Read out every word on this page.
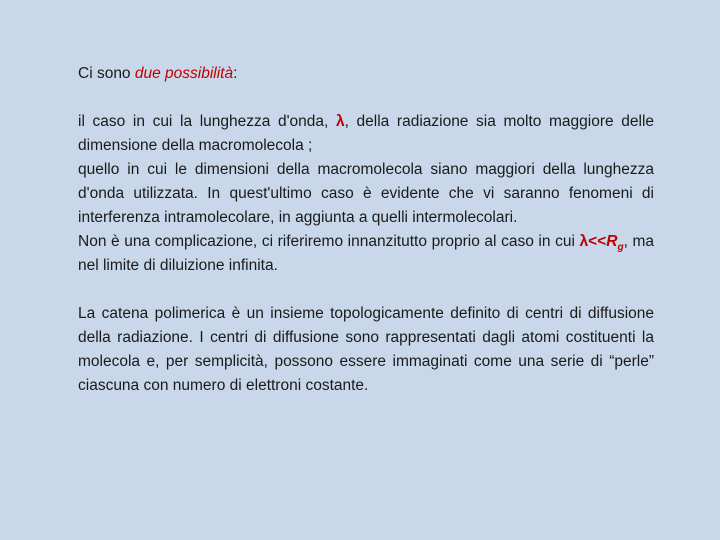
Ci sono due possibilità:

il caso in cui la lunghezza d'onda, λ, della radiazione sia molto maggiore delle dimensione della macromolecola ;

quello in cui le dimensioni della macromolecola siano maggiori della lunghezza d'onda utilizzata. In quest'ultimo caso è evidente che vi saranno fenomeni di interferenza intramolecolare, in aggiunta a quelli intermolecolari.

Non è una complicazione, ci riferiremo innanzitutto proprio al caso in cui $\lambda<<R_g$, ma nel limite di diluizione infinita.

La catena polimerica è un insieme topologicamente definito di centri di diffusione della radiazione. I centri di diffusione sono rappresentati dagli atomi costituenti la molecola e, per semplicità, possono essere immaginati come una serie di “perle” ciascuna con numero di elettroni costante.
